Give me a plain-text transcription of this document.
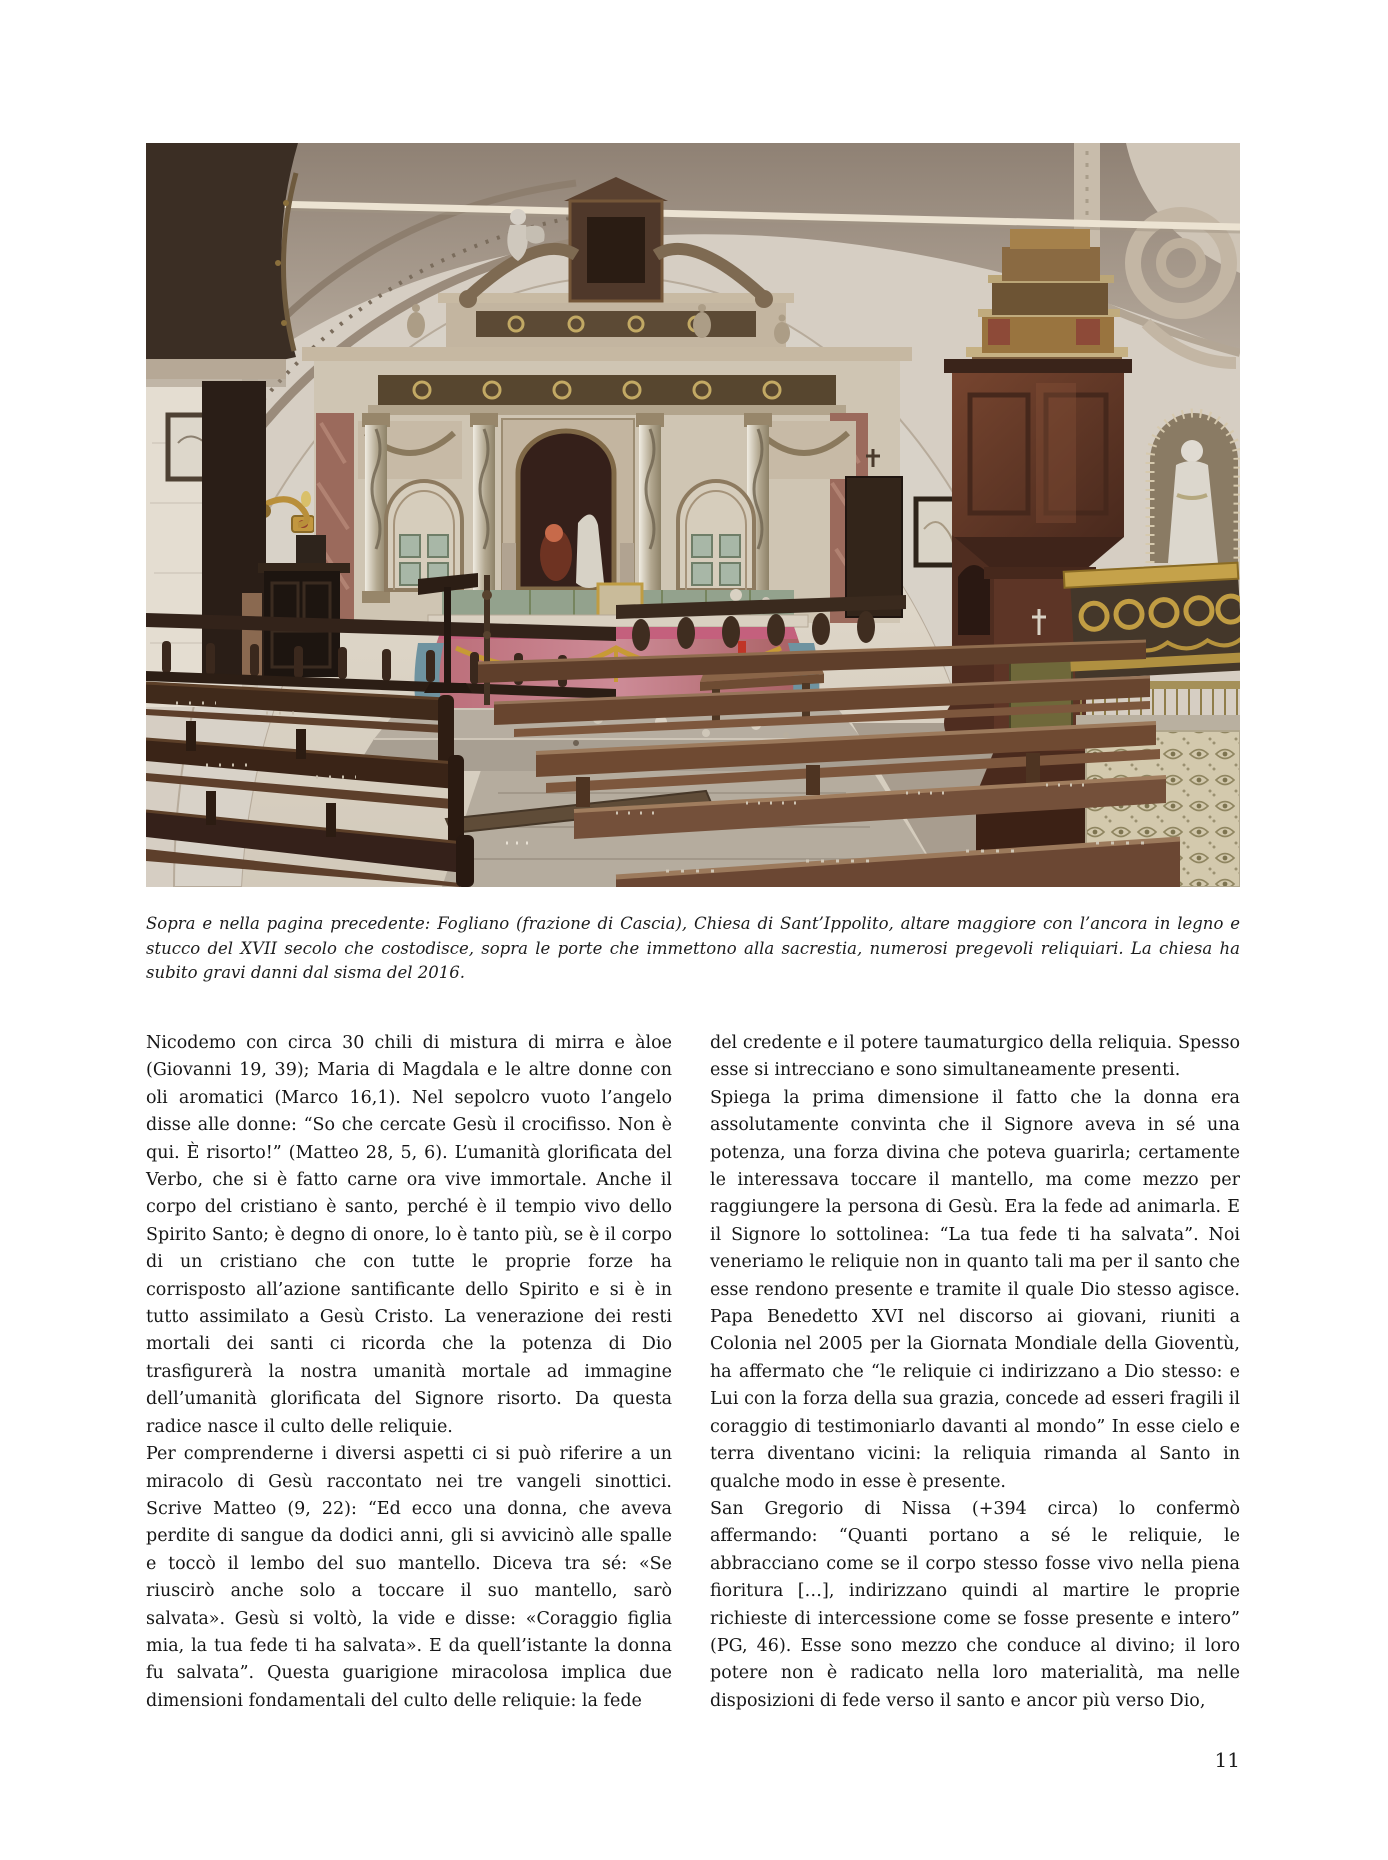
Sopra e nella pagina precedente: Fogliano (frazione di Cascia), Chiesa di Sant’Ippolito, altare maggiore con l’ancora in legno e stucco del XVII secolo che costodisce, sopra le porte che immettono alla sacrestia, numerosi pregevoli reliquiari. La chiesa ha subito gravi danni dal sisma del 2016.

Nicodemo con circa 30 chili di mistura di mirra e àloe (Giovanni 19, 39); Maria di Magdala e le altre donne con oli aromatici (Marco 16,1). Nel sepolcro vuoto l’angelo disse alle donne: “So che cercate Gesù il crocifisso. Non è qui. È risorto!” (Matteo 28, 5, 6). L’umanità glorificata del Verbo, che si è fatto carne ora vive immortale. Anche il corpo del cristiano è santo, perché è il tempio vivo dello Spirito Santo; è degno di onore, lo è tanto più, se è il corpo di un cristiano che con tutte le proprie forze ha corrisposto all’azione santificante dello Spirito e si è in tutto assimilato a Gesù Cristo. La venerazione dei resti mortali dei santi ci ricorda che la potenza di Dio trasfigurerà la nostra umanità mortale ad immagine dell’umanità glorificata del Signore risorto. Da questa radice nasce il culto delle reliquie.

Per comprenderne i diversi aspetti ci si può riferire a un miracolo di Gesù raccontato nei tre vangeli sinottici. Scrive Matteo (9, 22): “Ed ecco una donna, che aveva perdite di sangue da dodici anni, gli si avvicinò alle spalle e toccò il lembo del suo mantello. Diceva tra sé: «Se riuscirò anche solo a toccare il suo mantello, sarò salvata». Gesù si voltò, la vide e disse: «Coraggio figlia mia, la tua fede ti ha salvata». E da quell’istante la donna fu salvata”. Questa guarigione miracolosa implica due dimensioni fondamentali del culto delle reliquie: la fede

del credente e il potere taumaturgico della reliquia. Spesso esse si intrecciano e sono simultaneamente presenti.

Spiega la prima dimensione il fatto che la donna era assolutamente convinta che il Signore aveva in sé una potenza, una forza divina che poteva guarirla; certamente le interessava toccare il mantello, ma come mezzo per raggiungere la persona di Gesù. Era la fede ad animarla. E il Signore lo sottolinea: “La tua fede ti ha salvata”. Noi veneriamo le reliquie non in quanto tali ma per il santo che esse rendono presente e tramite il quale Dio stesso agisce. Papa Benedetto XVI nel discorso ai giovani, riuniti a Colonia nel 2005 per la Giornata Mondiale della Gioventù, ha affermato che “le reliquie ci indirizzano a Dio stesso: e Lui con la forza della sua grazia, concede ad esseri fragili il coraggio di testimoniarlo davanti al mondo” In esse cielo e terra diventano vicini: la reliquia rimanda al Santo in qualche modo in esse è presente.

San Gregorio di Nissa (+394 circa) lo confermò affermando: “Quanti portano a sé le reliquie, le abbracciano come se il corpo stesso fosse vivo nella piena fioritura […], indirizzano quindi al martire le proprie richieste di intercessione come se fosse presente e intero” (PG, 46). Esse sono mezzo che conduce al divino; il loro potere non è radicato nella loro materialità, ma nelle disposizioni di fede verso il santo e ancor più verso Dio,

11
